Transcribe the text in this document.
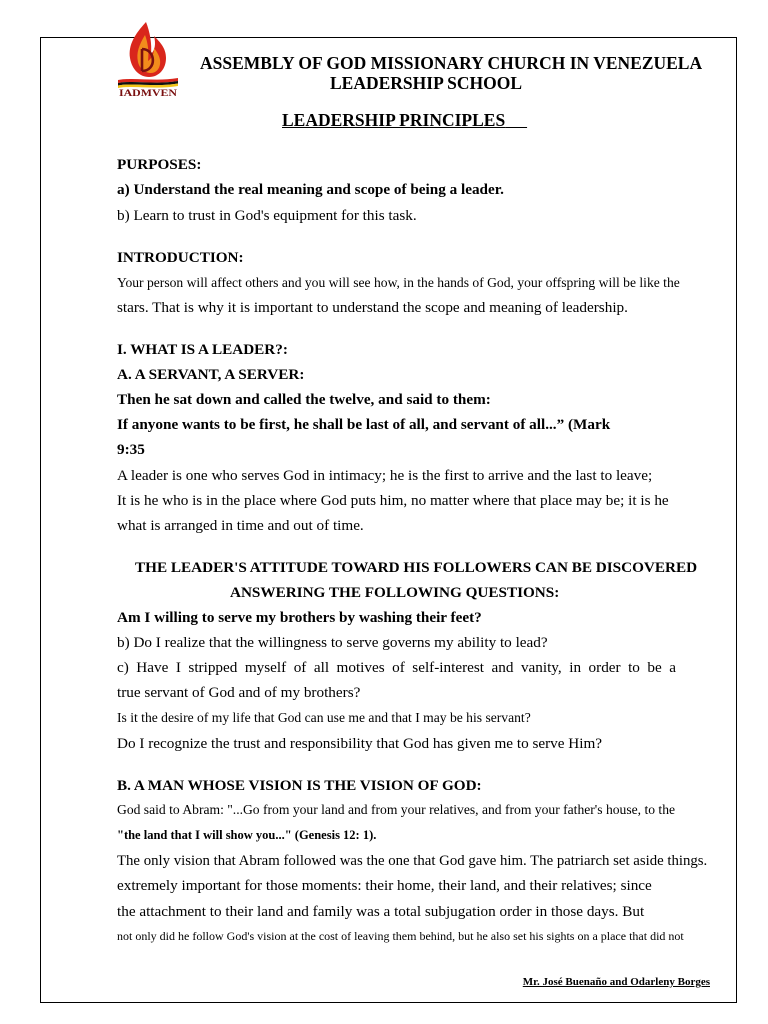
IADMVEN
ASSEMBLY OF GOD MISSIONARY CHURCH IN VENEZUELA
LEADERSHIP SCHOOL
LEADERSHIP PRINCIPLES
PURPOSES:
a) Understand the real meaning and scope of being a leader.
b) Learn to trust in God's equipment for this task.
INTRODUCTION:
Your person will affect others and you will see how, in the hands of God, your offspring will be like the
stars. That is why it is important to understand the scope and meaning of leadership.
I. WHAT IS A LEADER?:
A. A SERVANT, A SERVER:
Then he sat down and called the twelve, and said to them:
If anyone wants to be first, he shall be last of all, and servant of all...” (Mark
9:35
A leader is one who serves God in intimacy; he is the first to arrive and the last to leave;
It is he who is in the place where God puts him, no matter where that place may be; it is he
what is arranged in time and out of time.
THE LEADER'S ATTITUDE TOWARD HIS FOLLOWERS CAN BE DISCOVERED
ANSWERING THE FOLLOWING QUESTIONS:
Am I willing to serve my brothers by washing their feet?
b) Do I realize that the willingness to serve governs my ability to lead?
c) Have I stripped myself of all motives of self-interest and vanity, in order to be a
true servant of God and of my brothers?
Is it the desire of my life that God can use me and that I may be his servant?
Do I recognize the trust and responsibility that God has given me to serve Him?
B. A MAN WHOSE VISION IS THE VISION OF GOD:
God said to Abram: "...Go from your land and from your relatives, and from your father's house, to the
"the land that I will show you..." (Genesis 12: 1).
The only vision that Abram followed was the one that God gave him. The patriarch set aside things.
extremely important for those moments: their home, their land, and their relatives; since
the attachment to their land and family was a total subjugation order in those days. But
not only did he follow God's vision at the cost of leaving them behind, but he also set his sights on a place that did not
Mr. José Buenaño and Odarleny Borges
